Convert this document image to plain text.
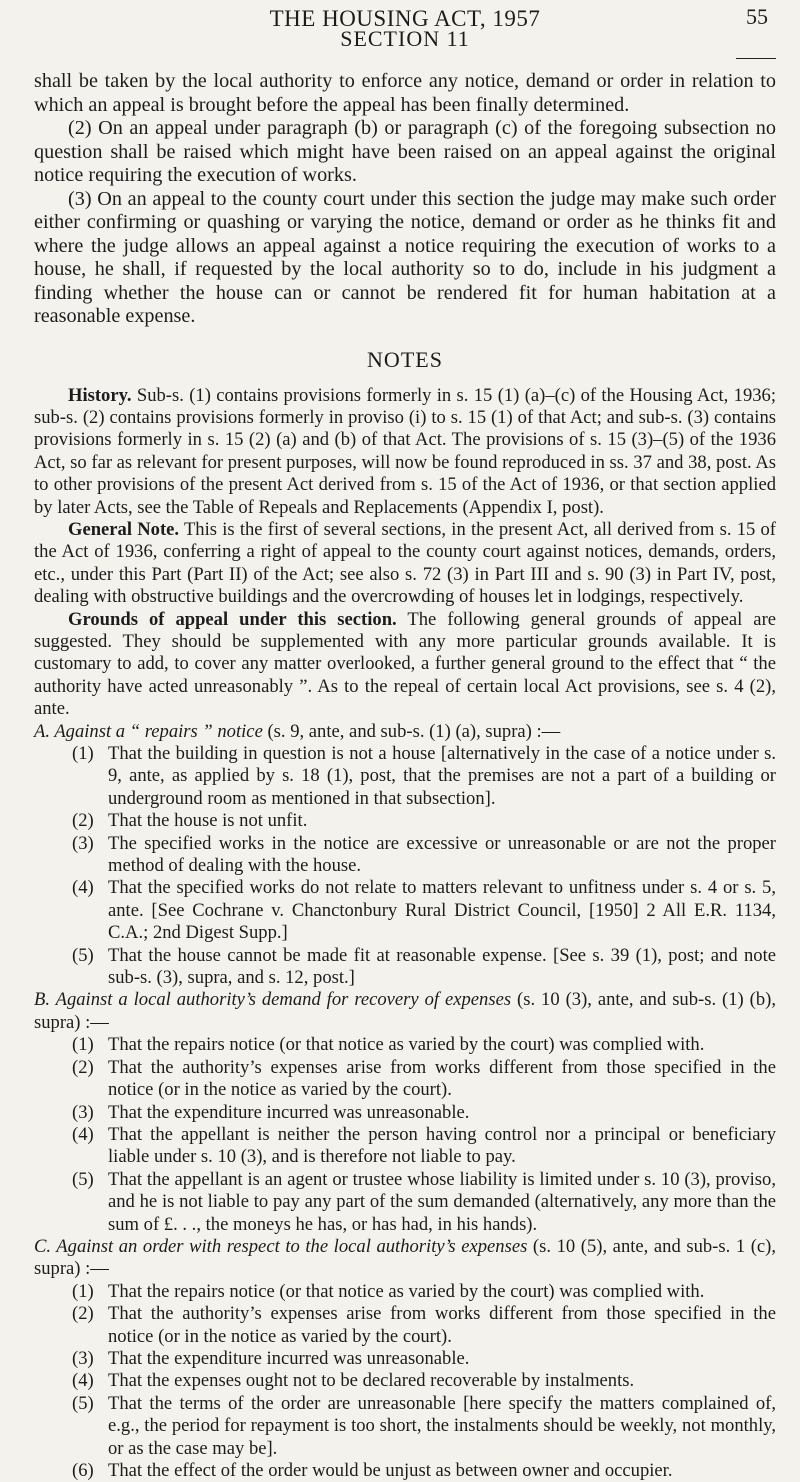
THE HOUSING ACT, 1957
SECTION 11
55

shall be taken by the local authority to enforce any notice, demand or order in relation to which an appeal is brought before the appeal has been finally determined.

(2) On an appeal under paragraph (b) or paragraph (c) of the foregoing subsection no question shall be raised which might have been raised on an appeal against the original notice requiring the execution of works.

(3) On an appeal to the county court under this section the judge may make such order either confirming or quashing or varying the notice, demand or order as he thinks fit and where the judge allows an appeal against a notice requiring the execution of works to a house, he shall, if requested by the local authority so to do, include in his judgment a finding whether the house can or cannot be rendered fit for human habitation at a reasonable expense.

NOTES

History. Sub-s. (1) contains provisions formerly in s. 15 (1) (a)–(c) of the Housing Act, 1936; sub-s. (2) contains provisions formerly in proviso (i) to s. 15 (1) of that Act; and sub-s. (3) contains provisions formerly in s. 15 (2) (a) and (b) of that Act. The provisions of s. 15 (3)–(5) of the 1936 Act, so far as relevant for present purposes, will now be found reproduced in ss. 37 and 38, post. As to other provisions of the present Act derived from s. 15 of the Act of 1936, or that section applied by later Acts, see the Table of Repeals and Replacements (Appendix I, post).

General Note. This is the first of several sections, in the present Act, all derived from s. 15 of the Act of 1936, conferring a right of appeal to the county court against notices, demands, orders, etc., under this Part (Part II) of the Act; see also s. 72 (3) in Part III and s. 90 (3) in Part IV, post, dealing with obstructive buildings and the overcrowding of houses let in lodgings, respectively.

Grounds of appeal under this section. The following general grounds of appeal are suggested. They should be supplemented with any more particular grounds available. It is customary to add, to cover any matter overlooked, a further general ground to the effect that “ the authority have acted unreasonably ”. As to the repeal of certain local Act provisions, see s. 4 (2), ante.

A. Against a “ repairs ” notice (s. 9, ante, and sub-s. (1) (a), supra) :—

(1) That the building in question is not a house [alternatively in the case of a notice under s. 9, ante, as applied by s. 18 (1), post, that the premises are not a part of a building or underground room as mentioned in that subsection].
(2) That the house is not unfit.
(3) The specified works in the notice are excessive or unreasonable or are not the proper method of dealing with the house.
(4) That the specified works do not relate to matters relevant to unfitness under s. 4 or s. 5, ante. [See Cochrane v. Chanctonbury Rural District Council, [1950] 2 All E.R. 1134, C.A.; 2nd Digest Supp.]
(5) That the house cannot be made fit at reasonable expense. [See s. 39 (1), post; and note sub-s. (3), supra, and s. 12, post.]

B. Against a local authority’s demand for recovery of expenses (s. 10 (3), ante, and sub-s. (1) (b), supra) :—

(1) That the repairs notice (or that notice as varied by the court) was complied with.
(2) That the authority’s expenses arise from works different from those specified in the notice (or in the notice as varied by the court).
(3) That the expenditure incurred was unreasonable.
(4) That the appellant is neither the person having control nor a principal or beneficiary liable under s. 10 (3), and is therefore not liable to pay.
(5) That the appellant is an agent or trustee whose liability is limited under s. 10 (3), proviso, and he is not liable to pay any part of the sum demanded (alternatively, any more than the sum of £. . ., the moneys he has, or has had, in his hands).

C. Against an order with respect to the local authority’s expenses (s. 10 (5), ante, and sub-s. 1 (c), supra) :—

(1) That the repairs notice (or that notice as varied by the court) was complied with.
(2) That the authority’s expenses arise from works different from those specified in the notice (or in the notice as varied by the court).
(3) That the expenditure incurred was unreasonable.
(4) That the expenses ought not to be declared recoverable by instalments.
(5) That the terms of the order are unreasonable [here specify the matters complained of, e.g., the period for repayment is too short, the instalments should be weekly, not monthly, or as the case may be].
(6) That the effect of the order would be unjust as between owner and occupier.
